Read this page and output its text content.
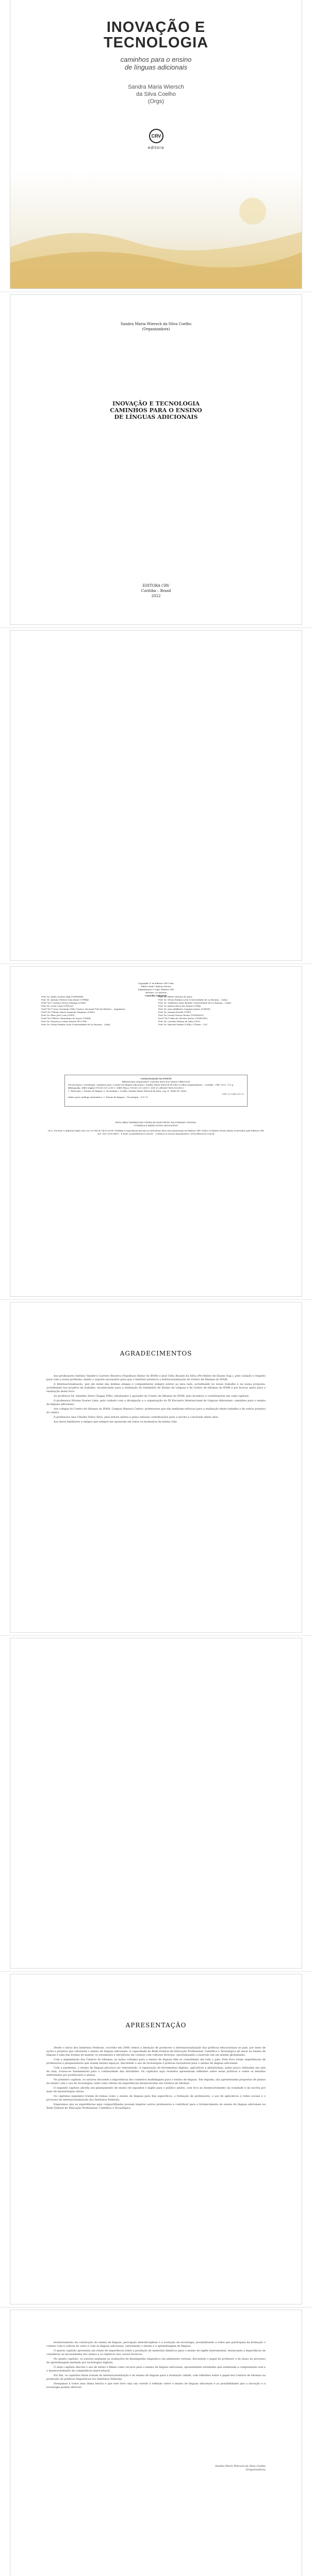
INOVAÇÃO E
TECNOLOGIA
caminhos para o ensino
de línguas adicionais
Sandra Maria Wiersch
da Silva Coelho
(Orgs)
CRV
editora
Sandra Maria Wiersch da Silva Coelho
(Organizadora)
INOVAÇÃO E TECNOLOGIA
CAMINHOS PARA O ENSINO
DE LÍNGUAS ADICIONAIS
EDITORA CRV
Curitiba – Brasil
2022
Copyright © da Editora CRV Ltda.
Editor-chefe: Railson Moura
Diagramação e Capa: Editora CRV
Revisão: Os Autores
Conselho Editorial:
Prof. Dr. Andre Acastro Egg (UNESPAR)	Prof. Dr. Dálcio Moreno de Assis
Prof. Dr. Antonio Pereira Gaio Júnior (UFRRJ)	Prof. Dr. Gloria Fariñas León (Universidade de La Havana – Cuba)
Prof.ª Dr.ª Carmen Tereza Velanga (UNIR)	Prof. Dr. Guillermo Arias Beatón (Universidade de La Havana – Cuba)
Prof. Dr. Celso Conti (UFSCar)	Prof. Dr. Jailson Alves dos Santos (UFRJ)
Prof.ª Dr.ª Cesar Gerónimo Tello (Univer. Nacional Três de Febrero – Argentina)	Prof. Dr. João Adalberto Campato Junior (UNESP)
Prof.ª Dr.ª Elione Maria Nogueira Diogenes (UFAL)	Prof. Dr. Josania Portela (UFPI)
Prof. Dr. Élsio José Corá (UFFS)	Prof. Dr. Leonel Severo Rocha (UNISINOS)
Prof.ª Dr.ª Elizeu Clementino de Souza (UNEB)	Prof.ª Dr.ª Lídia de Oliveira Xavier (UNIEURO)
Prof. Dr. Francisco Carlos Duarte (PUC-PR)	Prof. Dr. Lourdes Helena da Silva (UFV)
Prof. Dr. Gloria Fariñas León (Universidade de La Havana – Cuba)	Prof. Dr. Marcelo Paixão (UFRJ e UTexas – US)
CATALOGAÇÃO NA FONTE
Bibliotecária responsável: Luzenira Alves dos Santos CRB9/1506
I58 Inovação e tecnologia: caminhos para o ensino de línguas adicionais / Sandra Maria Wiersch da Silva Coelho (organizadora) – Curitiba : CRV, 2022. 172 p.
Bibliografia. ISBN Digital 978-65-251-2395-9. ISBN Físico 978-65-251-2385-0. DOI 10.24824/978652512385.0
1. Educação 2. Ensino de línguas 3. Tecnologia I. Coelho, Sandra Maria Wiersch da Silva. org. II. Título III. Série.
CDU 37 CDD 370.71
Índice para catálogo sistemático: 1. Ensino de línguas – Tecnologia – 370.71
ESTA OBRA TAMBÉM ENCONTRA-SE DISPONÍVEL EM FORMATO DIGITAL.
CONHEÇA E BAIXE NOSSO APLICATIVO!
2022. Foi feito o depósito legal conf. Lei 10.994 de 14/12/2004. Proibida a reprodução parcial ou total desta obra sem autorização da Editora CRV. Todos os direitos desta edição reservados pela Editora CRV.
Tel.: (41) 3039-6418 – E-mail: sac@editoracrv.com.br – Conheça os nossos lançamentos: www.editoracrv.com.br
AGRADECIMENTOS

Aos professores Antônio Vanderci Carreiro Beserra (Orgulhoso Reitor do IFAM) e José Célio Rosado da Silva (Pró-Reitor de Ensino Sup.), pelo cuidado e respeito para com a nossa profissão, dando o suporte necessário para que o Instituto promova a institucionalização do Centro de Idiomas do IFAM.

À Internacionalização, que em nome das minhas amigas e companheiras sempre esteve ao meu lado, acreditando no nosso trabalho e na nossa proposta, acreditando nos projetos de trabalho, incentivando para a realização do Seminário de Ensino de Línguas e de Centro de Idiomas do IFAM e por buscar apoio para a realização deste livro.

Ao professor Dr. Anselmo Alves Chagas Filho, idealizador e apoiador do Centro de Idiomas do IFAM, pelo incentivo e contribuições em cada capítulo.

À professora Silvana Soares Lima, pelo cuidado com a divulgação e a organização do III Encontro Internacional de Línguas Adicionais: caminhos para o ensino de línguas adicionais.

Aos colegas do Centro de Idiomas do IFAM, Campus Manaus Centro, professores que não mediram esforços para a realização deste trabalho e de outros projetos do centro.

À professora Ana Cláudia Vieira Silva, pela leitura atenta e pelas valiosas contribuições para a escrita e conclusão desta obra.

Aos meus familiares e amigos que sempre me apoiaram em todos os momentos da minha vida.

APRESENTAÇÃO

Desde o início dos Institutos Federais, ocorrido em 2008, temos a intenção de promover a internacionalização das políticas educacionais no país, por meio de ações e projetos que valorizem o ensino de línguas adicionais. A capacidade da Rede Federal de Educação Profissional, Científica e Tecnológica de atuar no ensino de línguas é uma das formas de manter os estudantes e servidores em contato com culturas diversas, oportunizando a inserção em um mundo globalizado.

Com a implantação dos Centros de Idiomas, as ações voltadas para o ensino de línguas têm se consolidado em todo o país. Este livro reúne experiências de professores e pesquisadores que atuam nesses espaços, discutindo o uso de tecnologias e práticas inovadoras para o ensino de línguas adicionais.

Com a pandemia, o ensino de línguas precisou ser reinventado. A exploração de ferramentas digitais, aplicativos e plataformas, antes pouco utilizadas em sala de aula, tornou-se fundamental para a continuidade das atividades. Os capítulos aqui reunidos apresentam reflexões sobre essas práticas e sobre os desafios enfrentados por professores e alunos.

No primeiro capítulo, os autores discutem a importância dos contextos multilíngues para o ensino de línguas. Em seguida, são apresentadas propostas de planos de ensino com o uso de tecnologias, bem como relatos de experiências desenvolvidas em Centros de Idiomas.

O segundo capítulo aborda um planejamento de ensino de espanhol e inglês para o público adulto, com foco no desenvolvimento da oralidade e da escrita por meio de metodologias ativas.

Os capítulos seguintes tratam de temas como o ensino de línguas para fins específicos, a formação de professores, o uso de aplicativos e redes sociais e o processo de internacionalização dos Institutos Federais.

Esperamos que as experiências aqui compartilhadas possam inspirar outros professores e contribuir para o fortalecimento do ensino de línguas adicionais na Rede Federal de Educação Profissional, Científica e Tecnológica.

monitoramento da construção do ensino de línguas, percepção interdisciplinar e a evolução da tecnologia, possibilitando a todos que participam da formação o contato com a cultura do outro e com as línguas adicionais, valorizando o ensino e a aprendizagem de línguas.

O quarto capítulo apresenta um relato de experiência sobre a produção de materiais didáticos para o ensino de inglês instrumental, destacando a importância de considerar as necessidades dos alunos e os objetivos dos cursos técnicos.

No quinto capítulo, os autores analisam as avaliações de desempenho linguístico em ambientes virtuais, discutindo o papel do professor e do aluno no processo de aprendizagem mediado por tecnologias digitais.

O sexto capítulo discute o uso de séries e filmes como recurso para o ensino de línguas adicionais, apresentando atividades que estimulam a compreensão oral e o desenvolvimento da competência intercultural.

Por fim, os capítulos finais tratam da internacionalização e do ensino de línguas para a formação cidadã, com reflexões sobre o papel dos Centros de Idiomas na promoção de políticas linguísticas nos Institutos Federais.

Desejamos a todos uma ótima leitura e que este livro seja um convite à reflexão sobre o ensino de línguas adicionais e as possibilidades que a inovação e a tecnologia podem oferecer.

Sandra Maria Wiersch da Silva Coelho
(Organizadora)
